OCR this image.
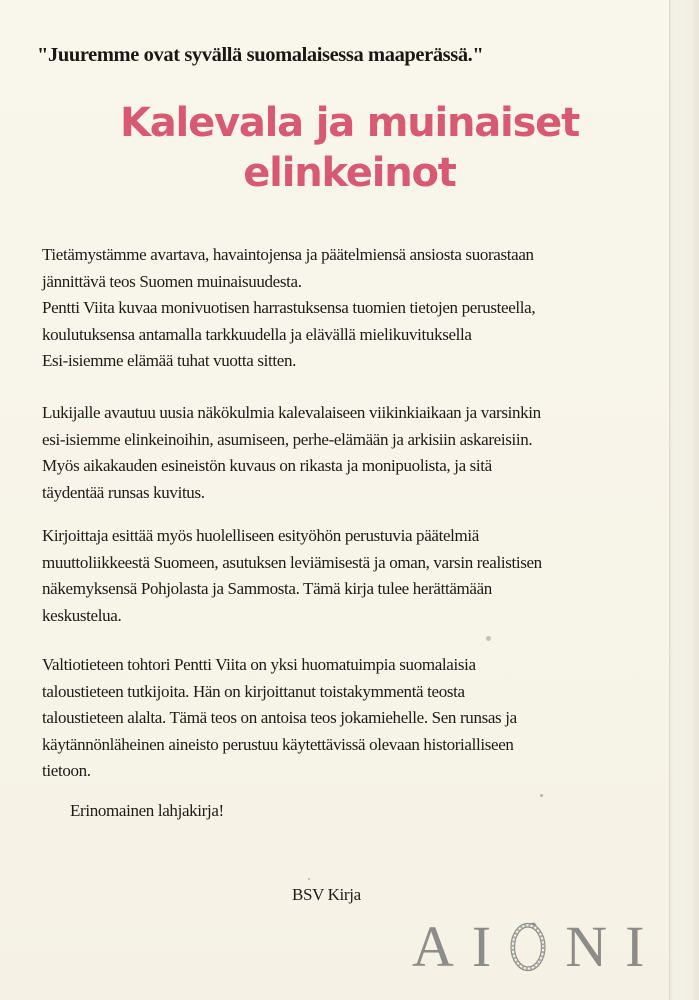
"Juuremme ovat syvällä suomalaisessa maaperässä."
Kalevala ja muinaiset
elinkeinot
Tietämystämme avartava, havaintojensa ja päätelmiensä ansiosta suorastaan
jännittävä teos Suomen muinaisuudesta.
Pentti Viita kuvaa monivuotisen harrastuksensa tuomien tietojen perusteella,
koulutuksensa antamalla tarkkuudella ja elävällä mielikuvituksella
Esi-isiemme elämää tuhat vuotta sitten.
Lukijalle avautuu uusia näkökulmia kalevalaiseen viikinkiaikaan ja varsinkin
esi-isiemme elinkeinoihin, asumiseen, perhe-elämään ja arkisiin askareisiin.
Myös aikakauden esineistön kuvaus on rikasta ja monipuolista, ja sitä
täydentää runsas kuvitus.
Kirjoittaja esittää myös huolelliseen esityöhön perustuvia päätelmiä
muuttoliikkeestä Suomeen, asutuksen leviämisestä ja oman, varsin realistisen
näkemyksensä Pohjolasta ja Sammosta. Tämä kirja tulee herättämään
keskustelua.
Valtiotieteen tohtori Pentti Viita on yksi huomatuimpia suomalaisia
taloustieteen tutkijoita. Hän on kirjoittanut toistakymmentä teosta
taloustieteen alalta. Tämä teos on antoisa teos jokamiehelle. Sen runsas ja
käytännönläheinen aineisto perustuu käytettävissä olevaan historialliseen
tietoon.
Erinomainen lahjakirja!
BSV Kirja
A I N I
